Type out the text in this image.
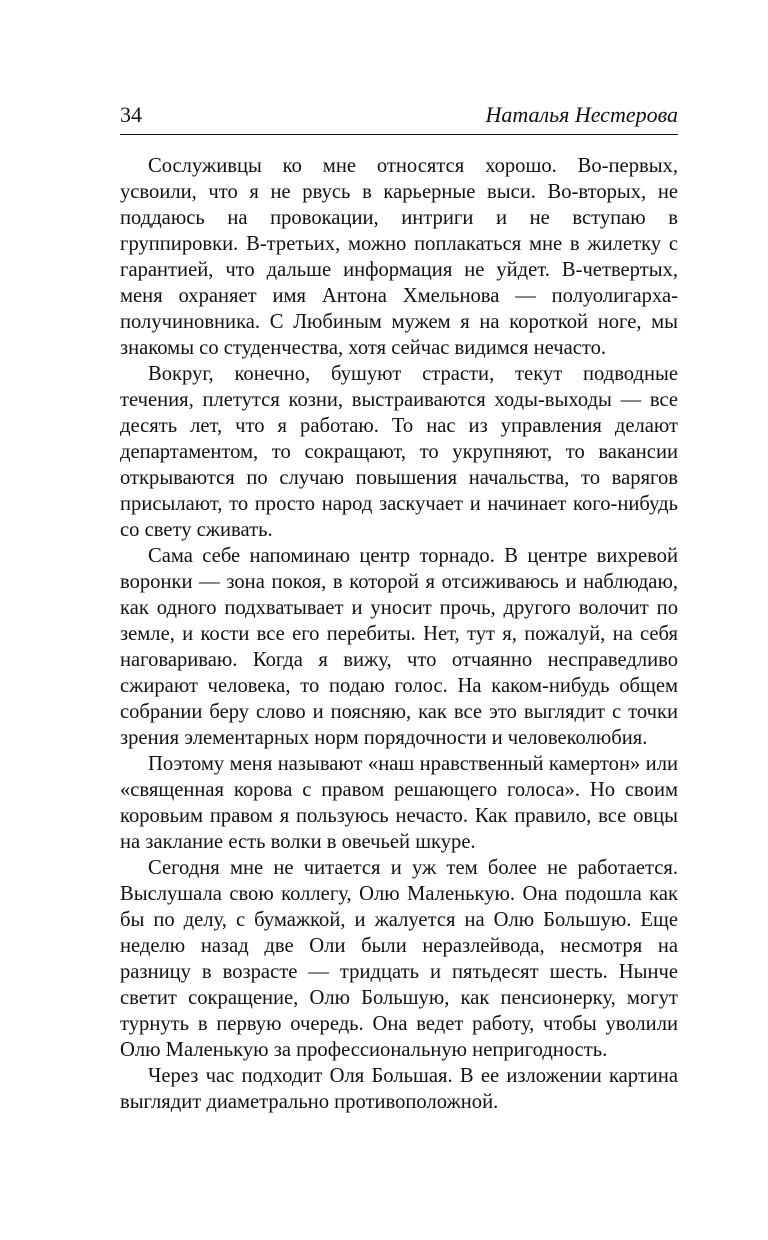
34	Наталья Нестерова

Сослуживцы ко мне относятся хорошо. Во-первых, усвоили, что я не рвусь в карьерные выси. Во-вторых, не поддаюсь на провокации, интриги и не вступаю в группировки. В-третьих, можно поплакаться мне в жилетку с гарантией, что дальше информация не уйдет. В-четвертых, меня охраняет имя Антона Хмельнова — полуолигарха-получиновника. С Любиным мужем я на короткой ноге, мы знакомы со студенчества, хотя сейчас видимся нечасто.

Вокруг, конечно, бушуют страсти, текут подводные течения, плетутся козни, выстраиваются ходы-выходы — все десять лет, что я работаю. То нас из управления делают департаментом, то сокращают, то укрупняют, то вакансии открываются по случаю повышения начальства, то варягов присылают, то просто народ заскучает и начинает кого-нибудь со свету сживать.

Сама себе напоминаю центр торнадо. В центре вихревой воронки — зона покоя, в которой я отсиживаюсь и наблюдаю, как одного подхватывает и уносит прочь, другого волочит по земле, и кости все его перебиты. Нет, тут я, пожалуй, на себя наговариваю. Когда я вижу, что отчаянно несправедливо сжирают человека, то подаю голос. На каком-нибудь общем собрании беру слово и поясняю, как все это выглядит с точки зрения элементарных норм порядочности и человеколюбия.

Поэтому меня называют «наш нравственный камертон» или «священная корова с правом решающего голоса». Но своим коровьим правом я пользуюсь нечасто. Как правило, все овцы на заклание есть волки в овечьей шкуре.

Сегодня мне не читается и уж тем более не работается. Выслушала свою коллегу, Олю Маленькую. Она подошла как бы по делу, с бумажкой, и жалуется на Олю Большую. Еще неделю назад две Оли были неразлейвода, несмотря на разницу в возрасте — тридцать и пятьдесят шесть. Нынче светит сокращение, Олю Большую, как пенсионерку, могут турнуть в первую очередь. Она ведет работу, чтобы уволили Олю Маленькую за профессиональную непригодность.

Через час подходит Оля Большая. В ее изложении картина выглядит диаметрально противоположной.
